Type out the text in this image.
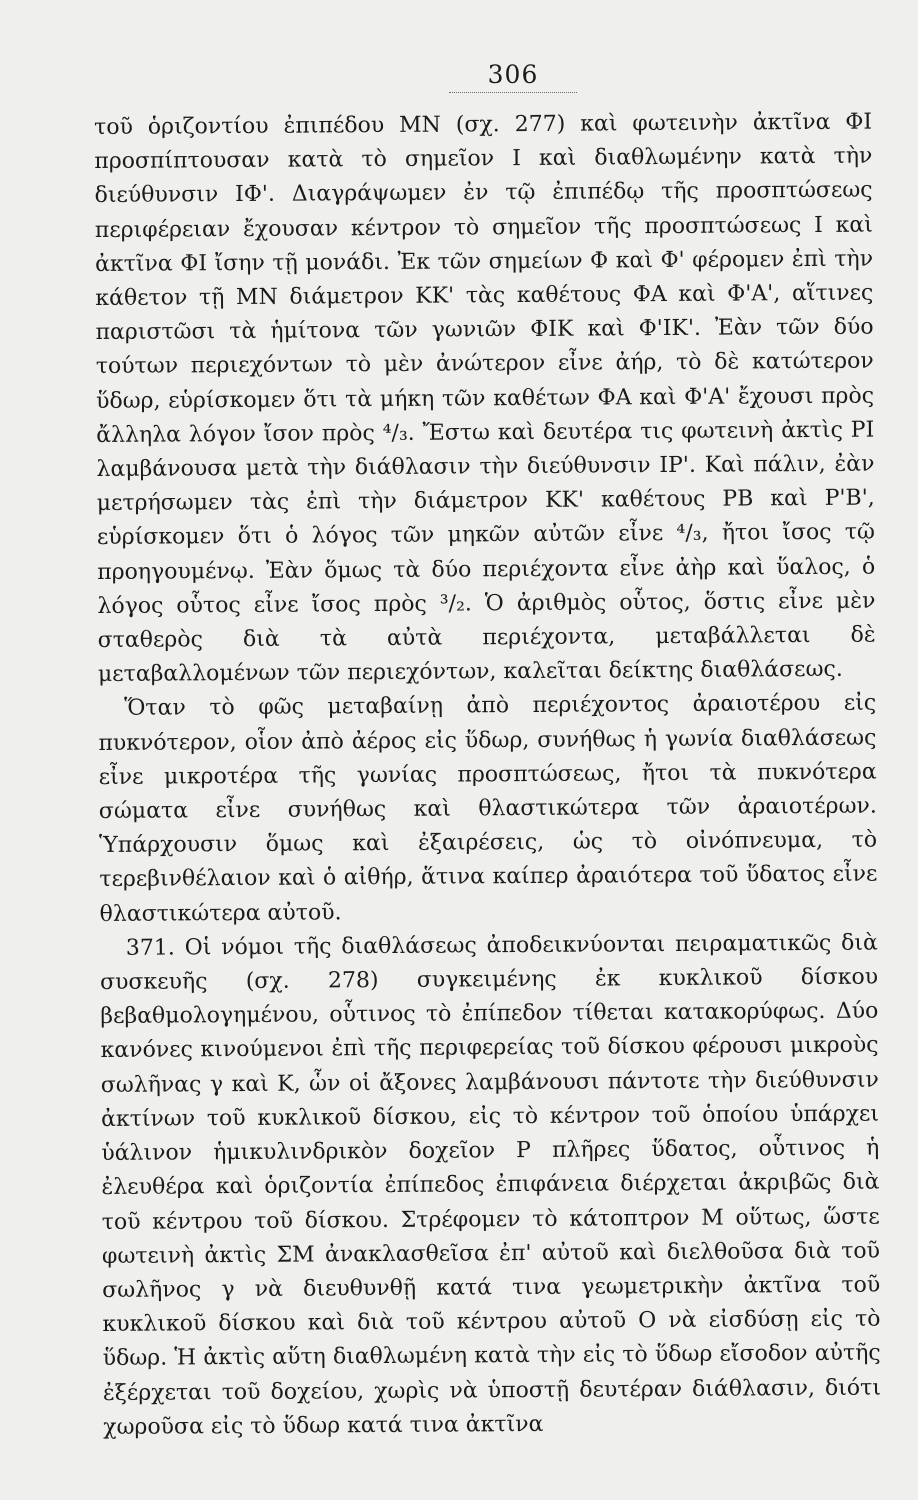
306

τοῦ ὁριζοντίου ἐπιπέδου MN (σχ. 277) καὶ φωτεινὴν ἀκτῖνα ΦΙ προσπίπτουσαν κατὰ τὸ σημεῖον Ι καὶ διαθλωμένην κατὰ τὴν διεύθυνσιν ΙΦ'. Διαγράψωμεν ἐν τῷ ἐπιπέδῳ τῆς προσπτώσεως περιφέρειαν ἔχουσαν κέντρον τὸ σημεῖον τῆς προσπτώσεως Ι καὶ ἀκτῖνα ΦΙ ἴσην τῇ μονάδι. Ἐκ τῶν σημείων Φ καὶ Φ' φέρομεν ἐπὶ τὴν κάθετον τῇ MN διάμετρον ΚΚ' τὰς καθέτους ΦΑ καὶ Φ'Α', αἵτινες παριστῶσι τὰ ἡμίτονα τῶν γωνιῶν ΦΙΚ καὶ Φ'ΙΚ'. Ἐὰν τῶν δύο τούτων περιεχόντων τὸ μὲν ἀνώτερον εἶνε ἀήρ, τὸ δὲ κατώτερον ὕδωρ, εὑρίσκομεν ὅτι τὰ μήκη τῶν καθέτων ΦΑ καὶ Φ'Α' ἔχουσι πρὸς ἄλληλα λόγον ἴσον πρὸς ⁴/₃. Ἔστω καὶ δευτέρα τις φωτεινὴ ἀκτὶς ΡΙ λαμβάνουσα μετὰ τὴν διάθλασιν τὴν διεύθυνσιν ΙΡ'. Καὶ πάλιν, ἐὰν μετρήσωμεν τὰς ἐπὶ τὴν διάμετρον ΚΚ' καθέτους ΡΒ καὶ Ρ'Β', εὑρίσκομεν ὅτι ὁ λόγος τῶν μηκῶν αὐτῶν εἶνε ⁴/₃, ἤτοι ἴσος τῷ προηγουμένῳ. Ἐὰν ὅμως τὰ δύο περιέχοντα εἶνε ἀὴρ καὶ ὕαλος, ὁ λόγος οὗτος εἶνε ἴσος πρὸς ³/₂. Ὁ ἀριθμὸς οὗτος, ὅστις εἶνε μὲν σταθερὸς διὰ τὰ αὐτὰ περιέχοντα, μεταβάλλεται δὲ μεταβαλλομένων τῶν περιεχόντων, καλεῖται δείκτης διαθλάσεως.

Ὅταν τὸ φῶς μεταβαίνῃ ἀπὸ περιέχοντος ἀραιοτέρου εἰς πυκνότερον, οἷον ἀπὸ ἀέρος εἰς ὕδωρ, συνήθως ἡ γωνία διαθλάσεως εἶνε μικροτέρα τῆς γωνίας προσπτώσεως, ἤτοι τὰ πυκνότερα σώματα εἶνε συνήθως καὶ θλαστικώτερα τῶν ἀραιοτέρων. Ὑπάρχουσιν ὅμως καὶ ἐξαιρέσεις, ὡς τὸ οἰνόπνευμα, τὸ τερεβινθέλαιον καὶ ὁ αἰθήρ, ἅτινα καίπερ ἀραιότερα τοῦ ὕδατος εἶνε θλαστικώτερα αὐτοῦ.

371. Οἱ νόμοι τῆς διαθλάσεως ἀποδεικνύονται πειραματικῶς διὰ συσκευῆς (σχ. 278) συγκειμένης ἐκ κυκλικοῦ δίσκου βεβαθμολογημένου, οὗτινος τὸ ἐπίπεδον τίθεται κατακορύφως. Δύο κανόνες κινούμενοι ἐπὶ τῆς περιφερείας τοῦ δίσκου φέρουσι μικροὺς σωλῆνας γ καὶ Κ, ὧν οἱ ἄξονες λαμβάνουσι πάντοτε τὴν διεύθυνσιν ἀκτίνων τοῦ κυκλικοῦ δίσκου, εἰς τὸ κέντρον τοῦ ὁποίου ὑπάρχει ὑάλινον ἡμικυλινδρικὸν δοχεῖον Ρ πλῆρες ὕδατος, οὗτινος ἡ ἐλευθέρα καὶ ὁριζοντία ἐπίπεδος ἐπιφάνεια διέρχεται ἀκριβῶς διὰ τοῦ κέντρου τοῦ δίσκου. Στρέφομεν τὸ κάτοπτρον Μ οὕτως, ὥστε φωτεινὴ ἀκτὶς ΣΜ ἀνακλασθεῖσα ἐπ' αὐτοῦ καὶ διελθοῦσα διὰ τοῦ σωλῆνος γ νὰ διευθυνθῇ κατά τινα γεωμετρικὴν ἀκτῖνα τοῦ κυκλικοῦ δίσκου καὶ διὰ τοῦ κέντρου αὐτοῦ Ο νὰ εἰσδύσῃ εἰς τὸ ὕδωρ. Ἡ ἀκτὶς αὕτη διαθλωμένη κατὰ τὴν εἰς τὸ ὕδωρ εἴσοδον αὐτῆς ἐξέρχεται τοῦ δοχείου, χωρὶς νὰ ὑποστῇ δευτέραν διάθλασιν, διότι χωροῦσα εἰς τὸ ὕδωρ κατά τινα ἀκτῖνα
